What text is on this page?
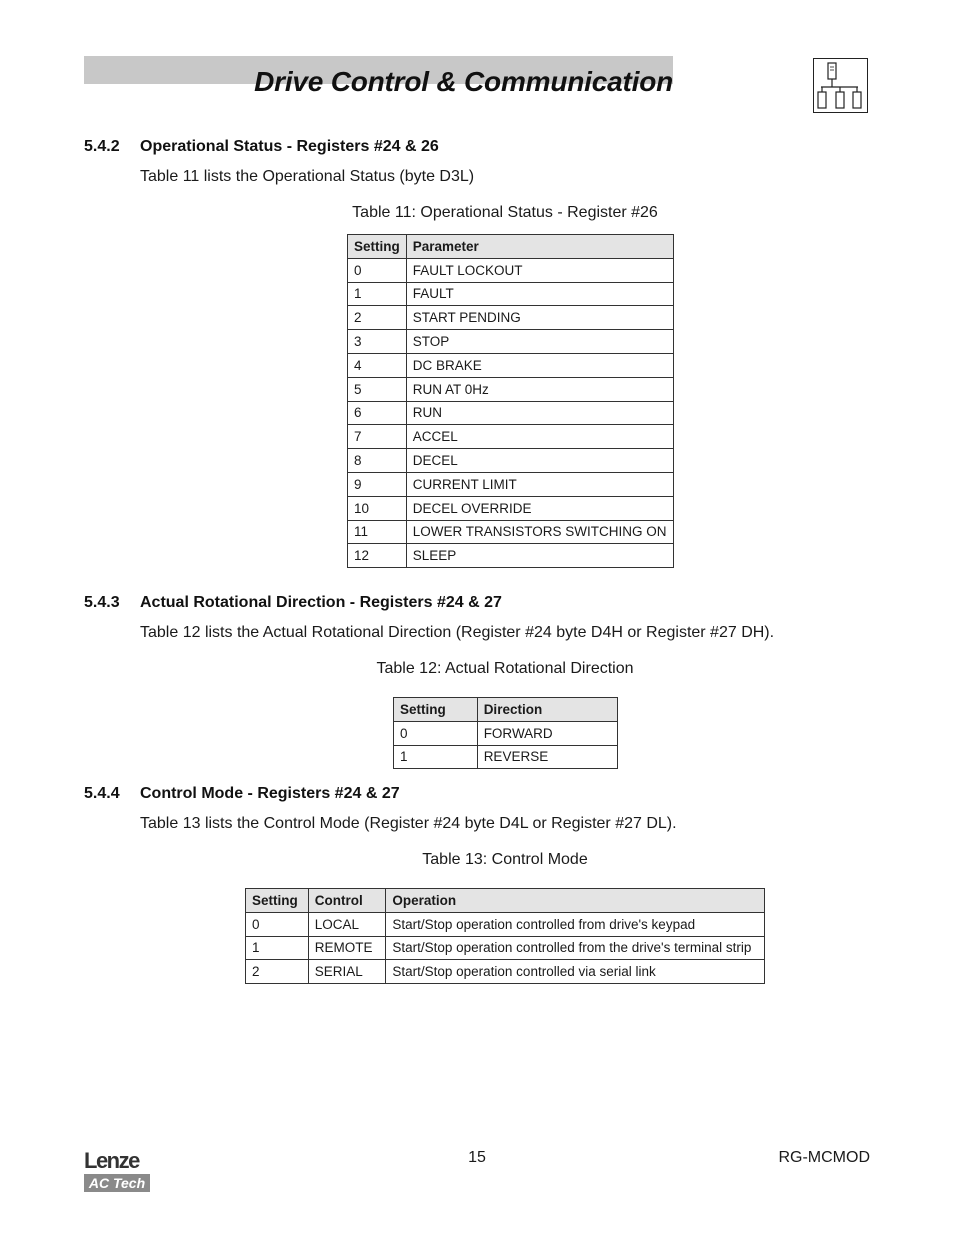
Drive Control & Communication
5.4.2 Operational Status - Registers #24 & 26
Table 11 lists the Operational Status (byte D3L)
Table 11: Operational Status - Register #26
Setting	Parameter
0	FAULT LOCKOUT
1	FAULT
2	START PENDING
3	STOP
4	DC BRAKE
5	RUN AT 0Hz
6	RUN
7	ACCEL
8	DECEL
9	CURRENT LIMIT
10	DECEL OVERRIDE
11	LOWER TRANSISTORS SWITCHING ON
12	SLEEP
5.4.3 Actual Rotational Direction - Registers #24 & 27
Table 12 lists the Actual Rotational Direction (Register #24 byte D4H or Register #27 DH).
Table 12: Actual Rotational Direction
Setting	Direction
0	FORWARD
1	REVERSE
5.4.4 Control Mode - Registers #24 & 27
Table 13 lists the Control Mode (Register #24 byte D4L or Register #27 DL).
Table 13: Control Mode
Setting	Control	Operation
0	LOCAL	Start/Stop operation controlled from drive's keypad
1	REMOTE	Start/Stop operation controlled from the drive's terminal strip
2	SERIAL	Start/Stop operation controlled via serial link
Lenze
AC Tech
15	RG-MCMOD
